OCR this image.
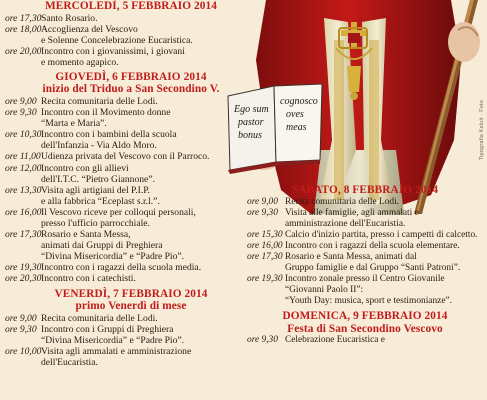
Ego sum pastor bonus
cognosco oves meas	Tipografia Keluit · Foto
MERCOLEDÌ, 5 FEBBRAIO 2014
ore 17,30 Santo Rosario.
ore 18,00 Accoglienza del Vescovo
e Solenne Concelebrazione Eucaristica.
ore 20,00 Incontro con i giovanissimi, i giovani
e momento agapico.
GIOVEDÌ, 6 FEBBRAIO 2014
inizio del Triduo a San Secondino V.
ore 9,00 Recita comunitaria delle Lodi.
ore 9,30 Incontro con il Movimento donne
“Marta e Maria”.
ore 10,30 Incontro con i bambini della scuola
dell'Infanzia - Via Aldo Moro.
ore 11,00 Udienza privata del Vescovo con il Parroco.
ore 12,00 Incontro con gli allievi
dell'I.T.C. “Pietro Giannone”.
ore 13,30 Visita agli artigiani del P.I.P.
e alla fabbrica “Eceplast s.r.l.”.
ore 16,00 Il Vescovo riceve per colloqui personali,
presso l'ufficio parrocchiale.
ore 17,30 Rosario e Santa Messa,
animati dai Gruppi di Preghiera
“Divina Misericordia” e “Padre Pio”.
ore 19,30 Incontro con i ragazzi della scuola media.
ore 20,30 Incontro con i catechisti.
VENERDÌ, 7 FEBBRAIO 2014
primo Venerdì di mese
ore 9,00 Recita comunitaria delle Lodi.
ore 9,30 Incontro con i Gruppi di Preghiera
“Divina Misericordia” e “Padre Pio”.
ore 10,00 Visita agli ammalati e amministrazione
dell'Eucaristia.
SABATO, 8 FEBBRAIO 2014
ore 9,00 Recita comunitaria delle Lodi.
ore 9,30 Visita alle famiglie, agli ammalati e
amministrazione dell'Eucaristia.
ore 15,30 Calcio d'inizio partita, presso i campetti di calcetto.
ore 16,00 Incontro con i ragazzi della scuola elementare.
ore 17,30 Rosario e Santa Messa, animati dal
Gruppo famiglie e dal Gruppo “Santi Patroni”.
ore 19,30 Incontro zonale presso il Centro Giovanile
“Giovanni Paolo II”:
“Youth Day: musica, sport e testimonianze”.
DOMENICA, 9 FEBBRAIO 2014
Festa di San Secondino Vescovo
ore 9,30 Celebrazione Eucaristica e
